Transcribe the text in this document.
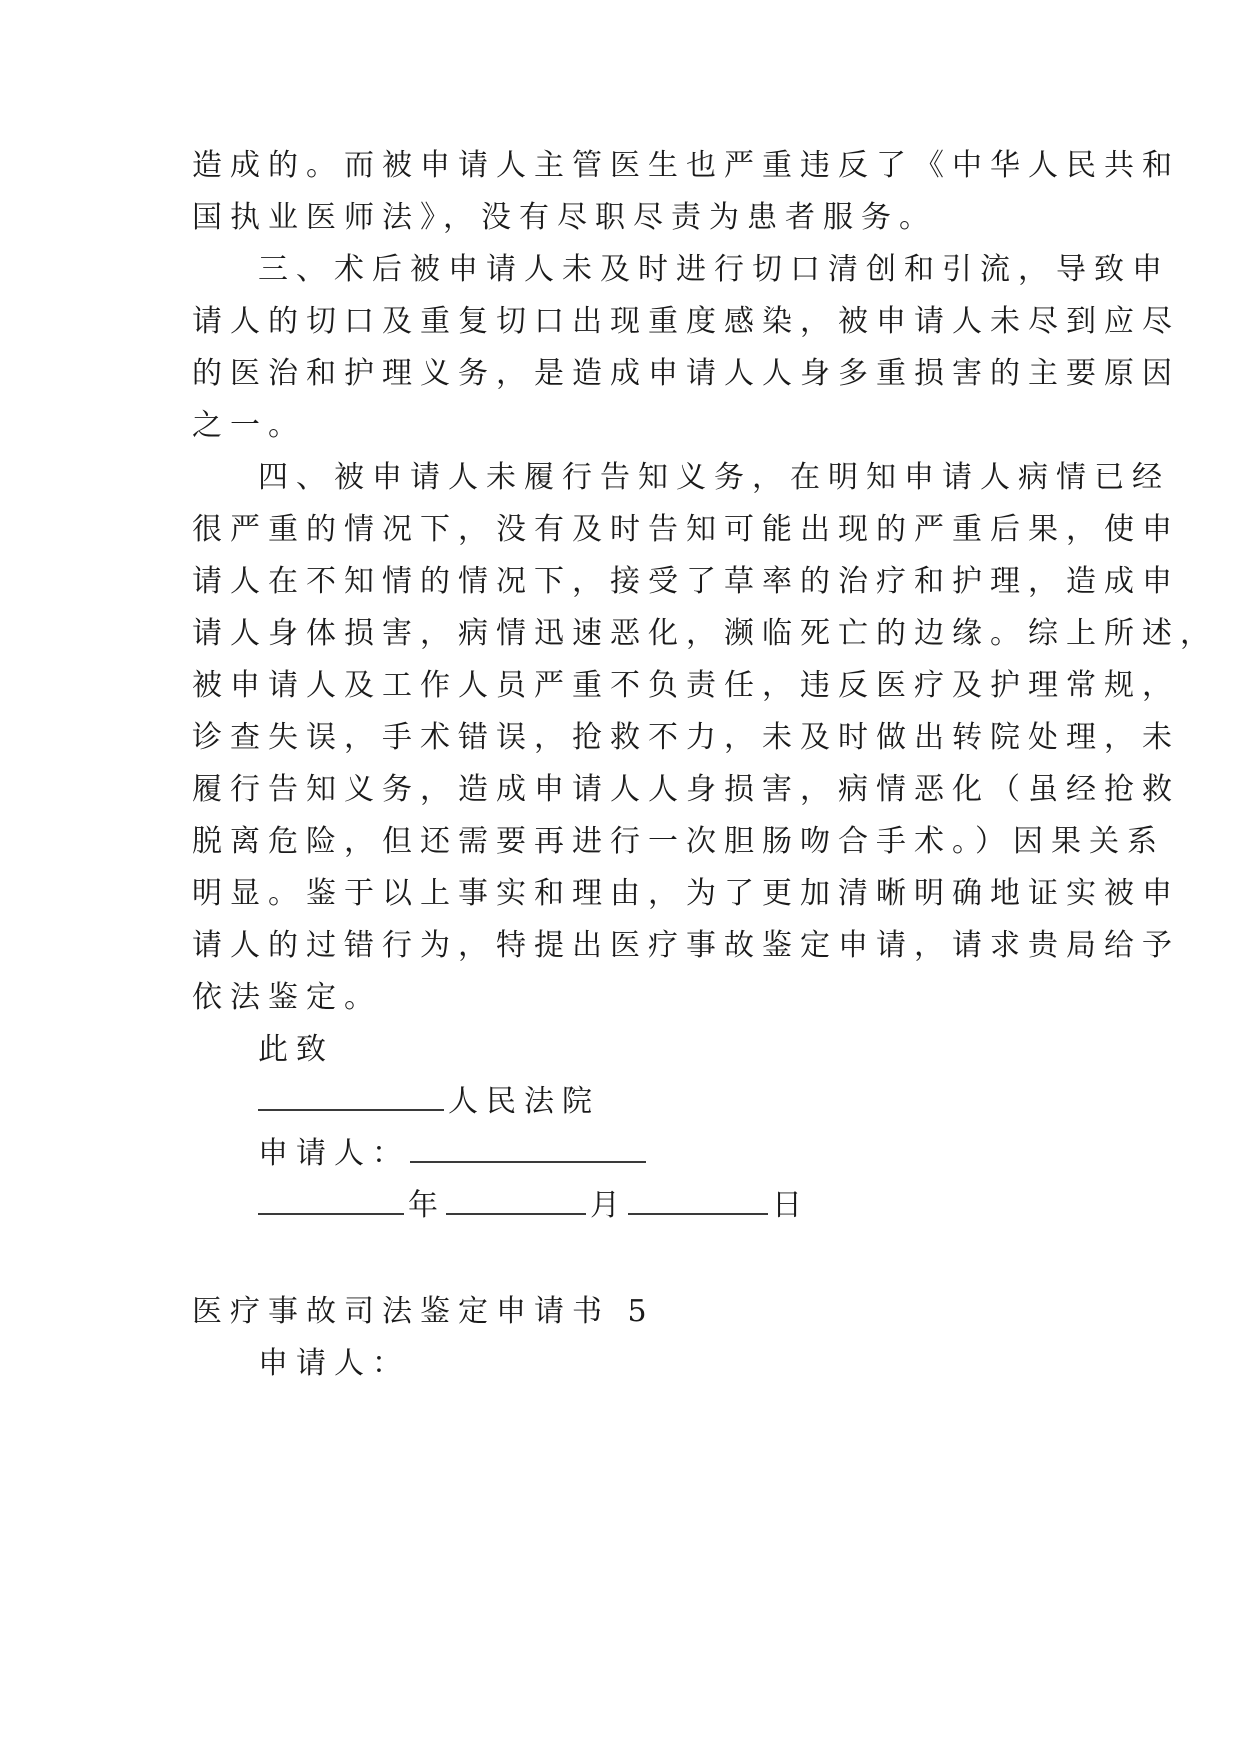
造成的。而被申请人主管医生也严重违反了《中华人民共和
国执业医师法》，没有尽职尽责为患者服务。
三、术后被申请人未及时进行切口清创和引流，导致申
请人的切口及重复切口出现重度感染，被申请人未尽到应尽
的医治和护理义务，是造成申请人人身多重损害的主要原因
之一。
四、被申请人未履行告知义务，在明知申请人病情已经
很严重的情况下，没有及时告知可能出现的严重后果，使申
请人在不知情的情况下，接受了草率的治疗和护理，造成申
请人身体损害，病情迅速恶化，濒临死亡的边缘。综上所述，
被申请人及工作人员严重不负责任，违反医疗及护理常规，
诊查失误，手术错误，抢救不力，未及时做出转院处理，未
履行告知义务，造成申请人人身损害，病情恶化（虽经抢救
脱离危险，但还需要再进行一次胆肠吻合手术。）因果关系
明显。鉴于以上事实和理由，为了更加清晰明确地证实被申
请人的过错行为，特提出医疗事故鉴定申请，请求贵局给予
依法鉴定。
此致
人民法院
申请人：
年	月	日
医疗事故司法鉴定申请书 5
申请人：
